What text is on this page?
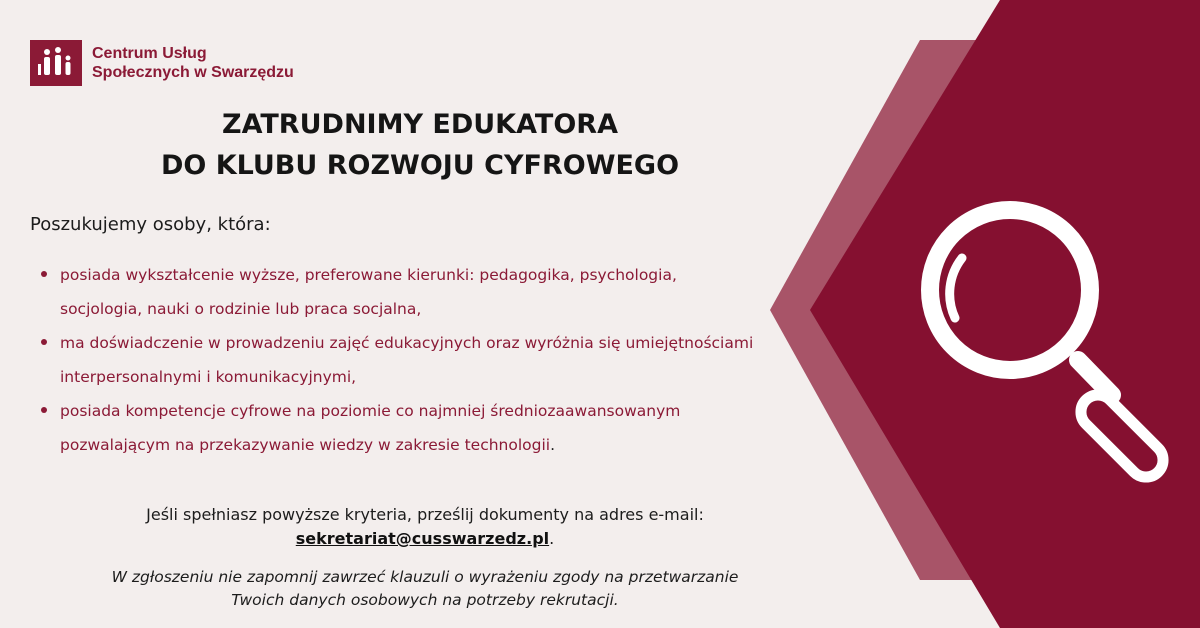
Centrum Usług
Społecznych w Swarzędzu
ZATRUDNIMY EDUKATORA
DO KLUBU ROZWOJU CYFROWEGO
Poszukujemy osoby, która:
posiada wykształcenie wyższe, preferowane kierunki: pedagogika, psychologia, socjologia, nauki o rodzinie lub praca socjalna,
ma doświadczenie w prowadzeniu zajęć edukacyjnych oraz wyróżnia się umiejętnościami interpersonalnymi i komunikacyjnymi,
posiada kompetencje cyfrowe na poziomie co najmniej średniozaawansowanym pozwalającym na przekazywanie wiedzy w zakresie technologii.
Jeśli spełniasz powyższe kryteria, prześlij dokumenty na adres e-mail:
sekretariat@cusswarzedz.pl.
W zgłoszeniu nie zapomnij zawrzeć klauzuli o wyrażeniu zgody na przetwarzanie
Twoich danych osobowych na potrzeby rekrutacji.
